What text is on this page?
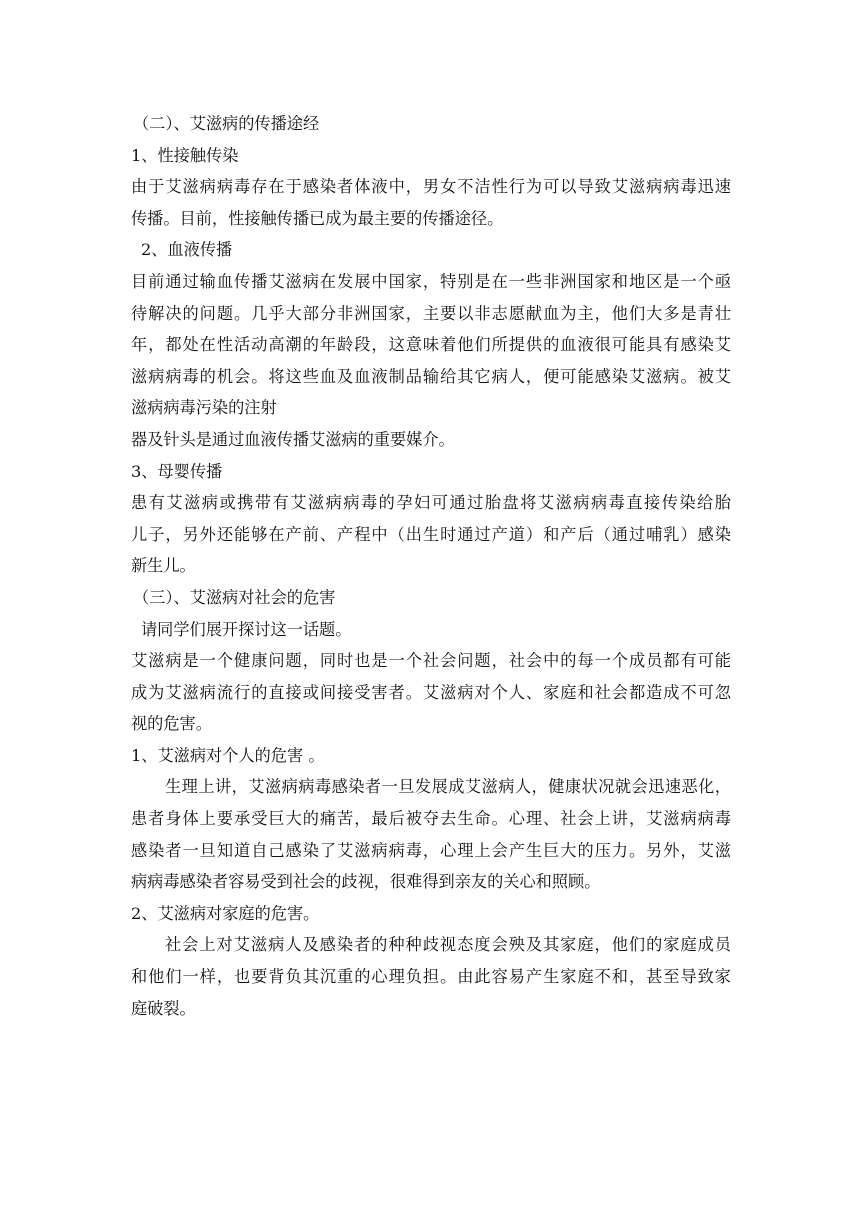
（二）、艾滋病的传播途经
1、性接触传染
由于艾滋病病毒存在于感染者体液中，男女不洁性行为可以导致艾滋病病毒迅速
传播。目前，性接触传播已成为最主要的传播途径。
2、血液传播
目前通过输血传播艾滋病在发展中国家，特别是在一些非洲国家和地区是一个亟
待解决的问题。几乎大部分非洲国家，主要以非志愿献血为主，他们大多是青壮
年，都处在性活动高潮的年龄段，这意味着他们所提供的血液很可能具有感染艾
滋病病毒的机会。将这些血及血液制品输给其它病人，便可能感染艾滋病。被艾
滋病病毒污染的注射
器及针头是通过血液传播艾滋病的重要媒介。
3、母婴传播
患有艾滋病或携带有艾滋病病毒的孕妇可通过胎盘将艾滋病病毒直接传染给胎
儿子，另外还能够在产前、产程中（出生时通过产道）和产后（通过哺乳）感染
新生儿。
（三）、艾滋病对社会的危害
请同学们展开探讨这一话题。
艾滋病是一个健康问题，同时也是一个社会问题，社会中的每一个成员都有可能
成为艾滋病流行的直接或间接受害者。艾滋病对个人、家庭和社会都造成不可忽
视的危害。
1、艾滋病对个人的危害 。
生理上讲，艾滋病病毒感染者一旦发展成艾滋病人，健康状况就会迅速恶化，
患者身体上要承受巨大的痛苦，最后被夺去生命。心理、社会上讲，艾滋病病毒
感染者一旦知道自己感染了艾滋病病毒，心理上会产生巨大的压力。另外，艾滋
病病毒感染者容易受到社会的歧视，很难得到亲友的关心和照顾。
2、艾滋病对家庭的危害。
社会上对艾滋病人及感染者的种种歧视态度会殃及其家庭，他们的家庭成员
和他们一样，也要背负其沉重的心理负担。由此容易产生家庭不和，甚至导致家
庭破裂。
